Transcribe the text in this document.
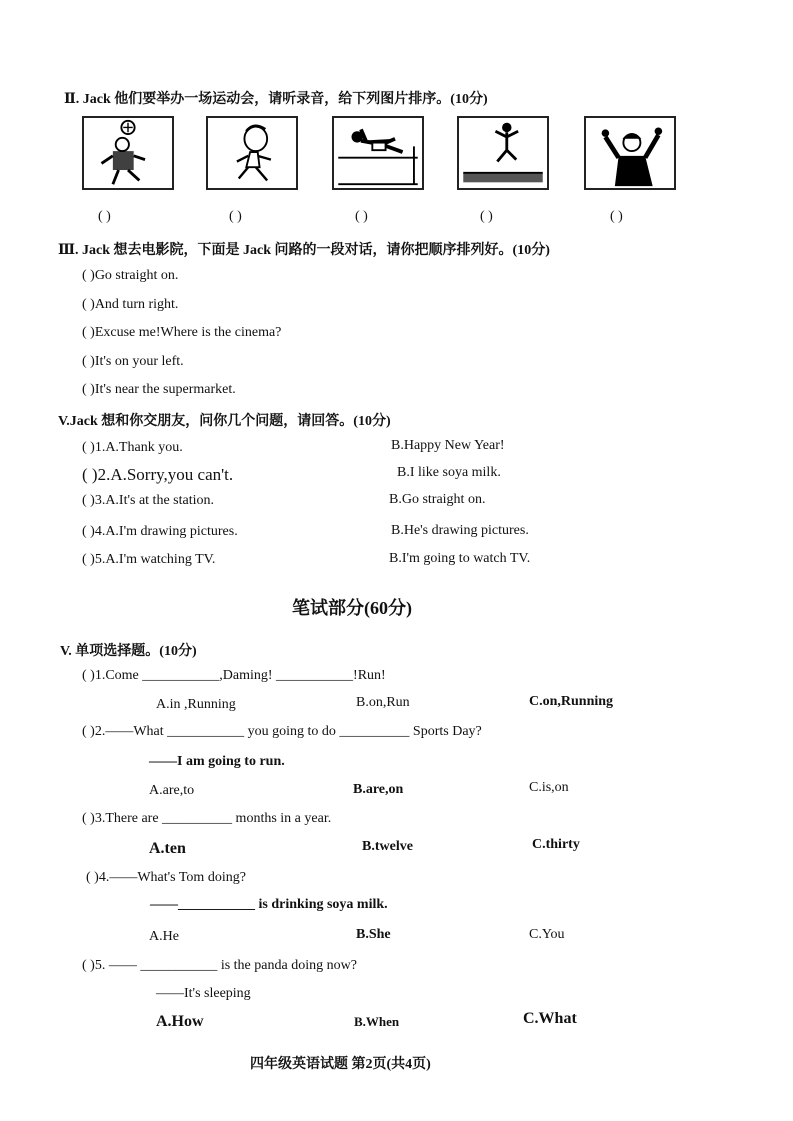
Ⅱ. Jack 他们要举办一场运动会，请听录音，给下列图片排序。(10分)
( )	( )	( )	( )	( )
Ⅲ. Jack 想去电影院，下面是 Jack 问路的一段对话，请你把顺序排列好。(10分)
( )Go straight on.
( )And turn right.
( )Excuse me!Where is the cinema?
( )It's on your left.
( )It's near the supermarket.
V.Jack 想和你交朋友，问你几个问题，请回答。(10分)
( )1.A.Thank you.	B.Happy New Year!
( )2.A.Sorry,you can't.	B.I like soya milk.
( )3.A.It's at the station.	B.Go straight on.
( )4.A.I'm drawing pictures.	B.He's drawing pictures.
( )5.A.I'm watching TV.	B.I'm going to watch TV.
笔试部分(60分)
V. 单项选择题。(10分)
( )1.Come ___________,Daming! ___________!Run!
A.in ,Running	B.on,Run	C.on,Running
( )2.——What ___________ you going to do __________ Sports Day?
——I am going to run.
A.are,to	B.are,on	C.is,on
( )3.There are __________ months in a year.
A.ten	B.twelve	C.thirty
( )4.——What's Tom doing?
——___________ is drinking soya milk.
A.He	B.She	C.You
( )5. —— ___________ is the panda doing now?
——It's sleeping
A.How	B.When	C.What
四年级英语试题 第2页(共4页)
